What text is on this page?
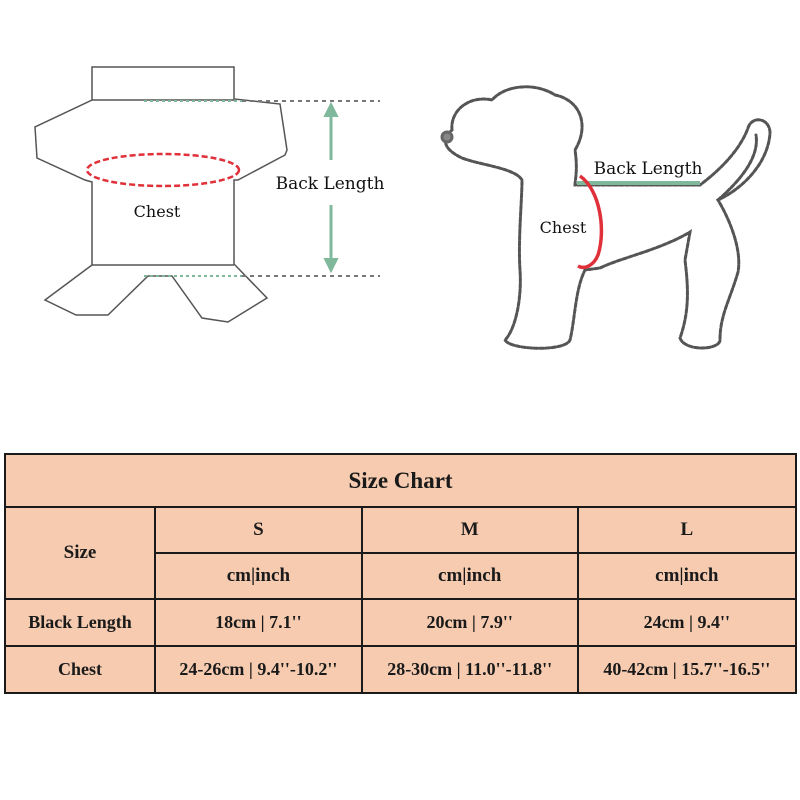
Chest
Back Length
Back Length
Chest
Size Chart			
Size	S	M	L
	cm|inch	cm|inch	cm|inch
Black Length	18cm | 7.1''	20cm | 7.9''	24cm | 9.4''
Chest	24-26cm | 9.4''-10.2''	28-30cm | 11.0''-11.8''	40-42cm | 15.7''-16.5''
